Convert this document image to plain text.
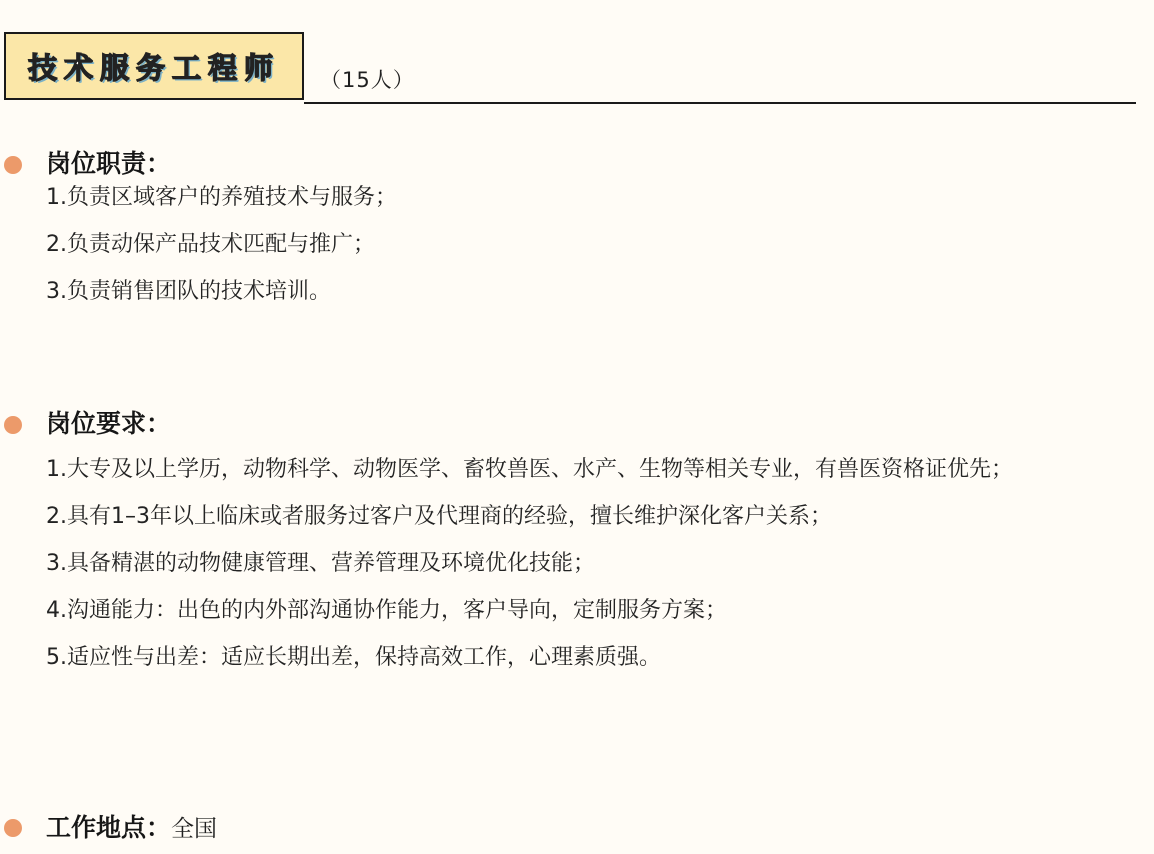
技术服务工程师 （15人）
岗位职责：
1.负责区域客户的养殖技术与服务；
2.负责动保产品技术匹配与推广；
3.负责销售团队的技术培训。
岗位要求：
1.大专及以上学历，动物科学、动物医学、畜牧兽医、水产、生物等相关专业，有兽医资格证优先；
2.具有1–3年以上临床或者服务过客户及代理商的经验，擅长维护深化客户关系；
3.具备精湛的动物健康管理、营养管理及环境优化技能；
4.沟通能力：出色的内外部沟通协作能力，客户导向，定制服务方案；
5.适应性与出差：适应长期出差，保持高效工作，心理素质强。
工作地点：全国
